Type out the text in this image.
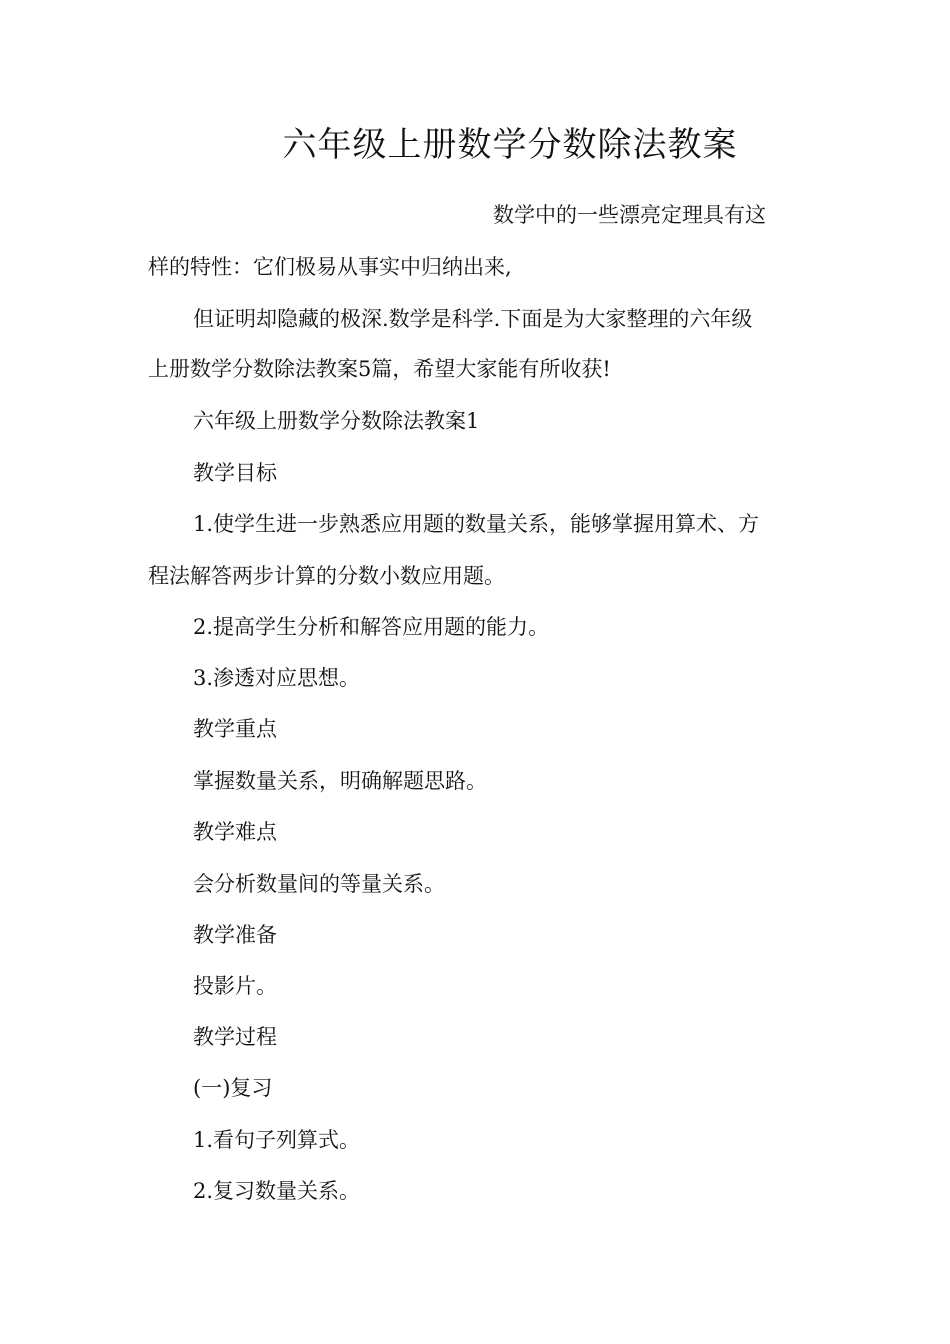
六年级上册数学分数除法教案
数学中的一些漂亮定理具有这
样的特性：它们极易从事实中归纳出来,
但证明却隐藏的极深.数学是科学.下面是为大家整理的六年级
上册数学分数除法教案5篇，希望大家能有所收获!
六年级上册数学分数除法教案1
教学目标
1.使学生进一步熟悉应用题的数量关系，能够掌握用算术、方
程法解答两步计算的分数小数应用题。
2.提高学生分析和解答应用题的能力。
3.渗透对应思想。
教学重点
掌握数量关系，明确解题思路。
教学难点
会分析数量间的等量关系。
教学准备
投影片。
教学过程
(一)复习
1.看句子列算式。
2.复习数量关系。
